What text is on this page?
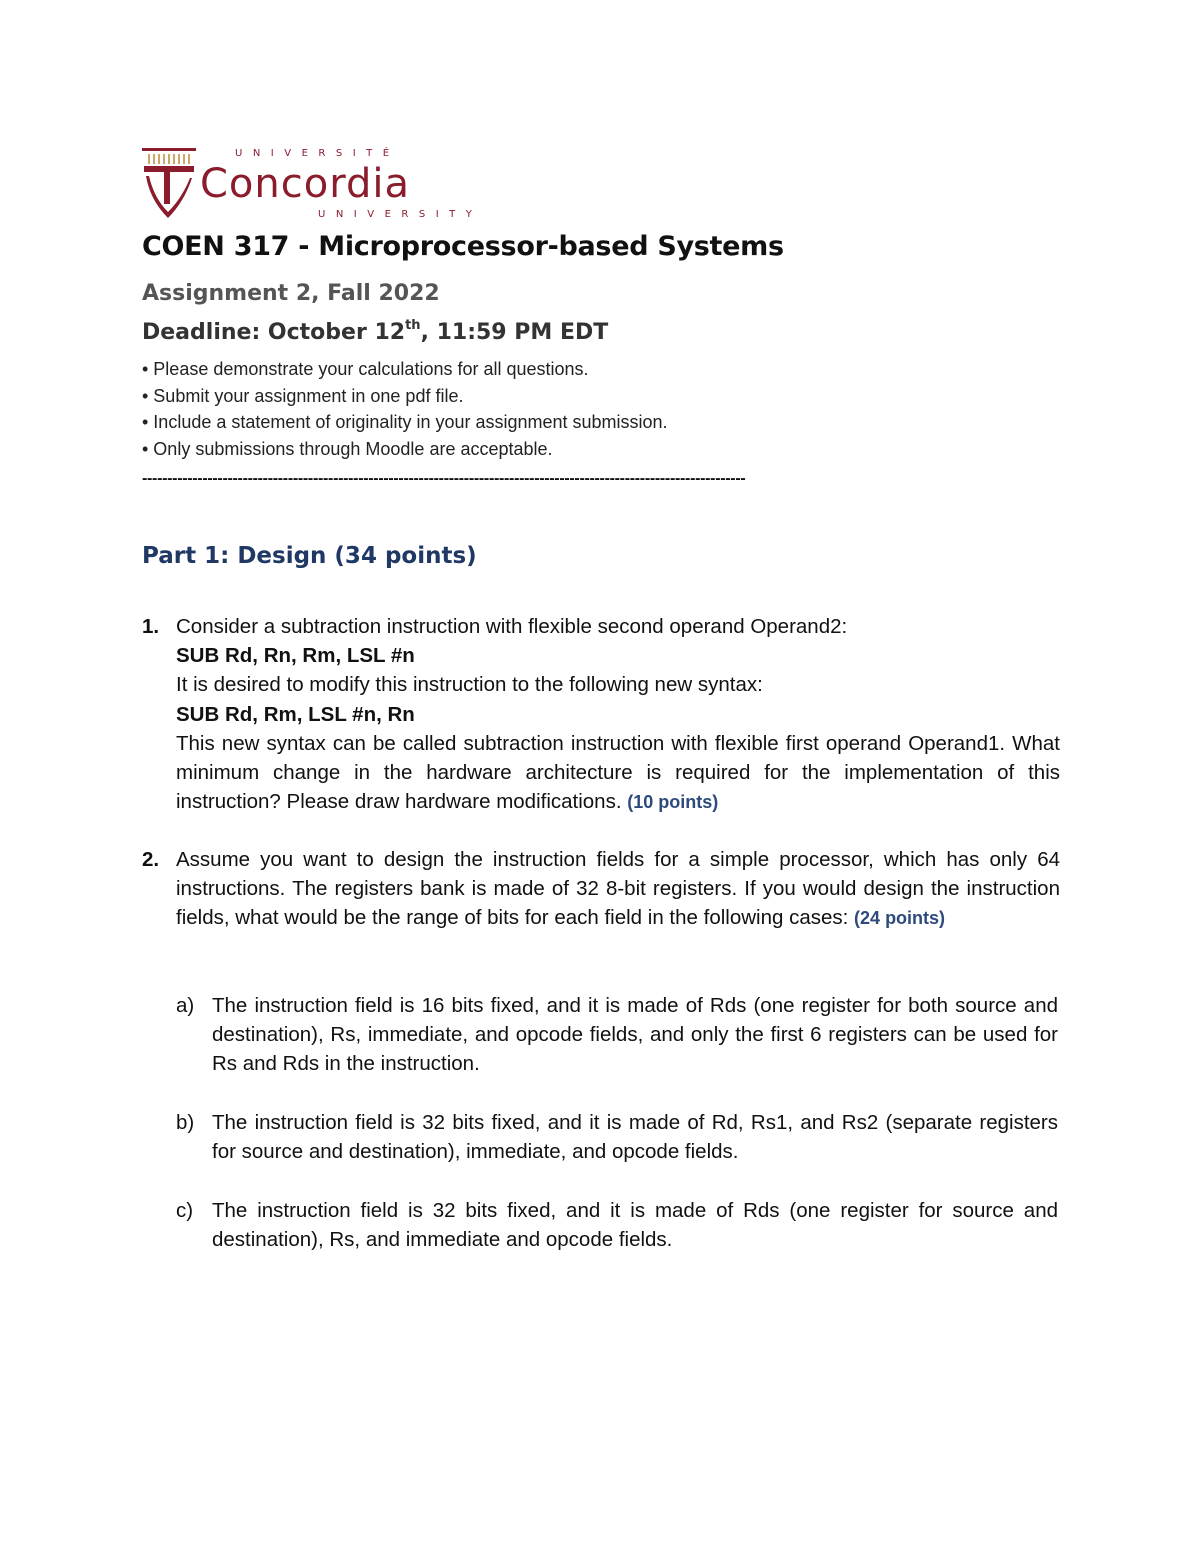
UNIVERSITÉ
Concordia
UNIVERSITY
COEN 317 - Microprocessor-based Systems
Assignment 2, Fall 2022
Deadline: October 12th, 11:59 PM EDT
• Please demonstrate your calculations for all questions.
• Submit your assignment in one pdf file.
• Include a statement of originality in your assignment submission.
• Only submissions through Moodle are acceptable.
------------------------------------------------------------------------------------------------------------------------
Part 1: Design (34 points)
1. Consider a subtraction instruction with flexible second operand Operand2:
SUB Rd, Rn, Rm, LSL #n
It is desired to modify this instruction to the following new syntax:
SUB Rd, Rm, LSL #n, Rn
This new syntax can be called subtraction instruction with flexible first operand Operand1. What minimum change in the hardware architecture is required for the implementation of this instruction? Please draw hardware modifications. (10 points)
2. Assume you want to design the instruction fields for a simple processor, which has only 64 instructions. The registers bank is made of 32 8-bit registers. If you would design the instruction fields, what would be the range of bits for each field in the following cases: (24 points)
a) The instruction field is 16 bits fixed, and it is made of Rds (one register for both source and destination), Rs, immediate, and opcode fields, and only the first 6 registers can be used for Rs and Rds in the instruction.
b) The instruction field is 32 bits fixed, and it is made of Rd, Rs1, and Rs2 (separate registers for source and destination), immediate, and opcode fields.
c) The instruction field is 32 bits fixed, and it is made of Rds (one register for source and destination), Rs, and immediate and opcode fields.
